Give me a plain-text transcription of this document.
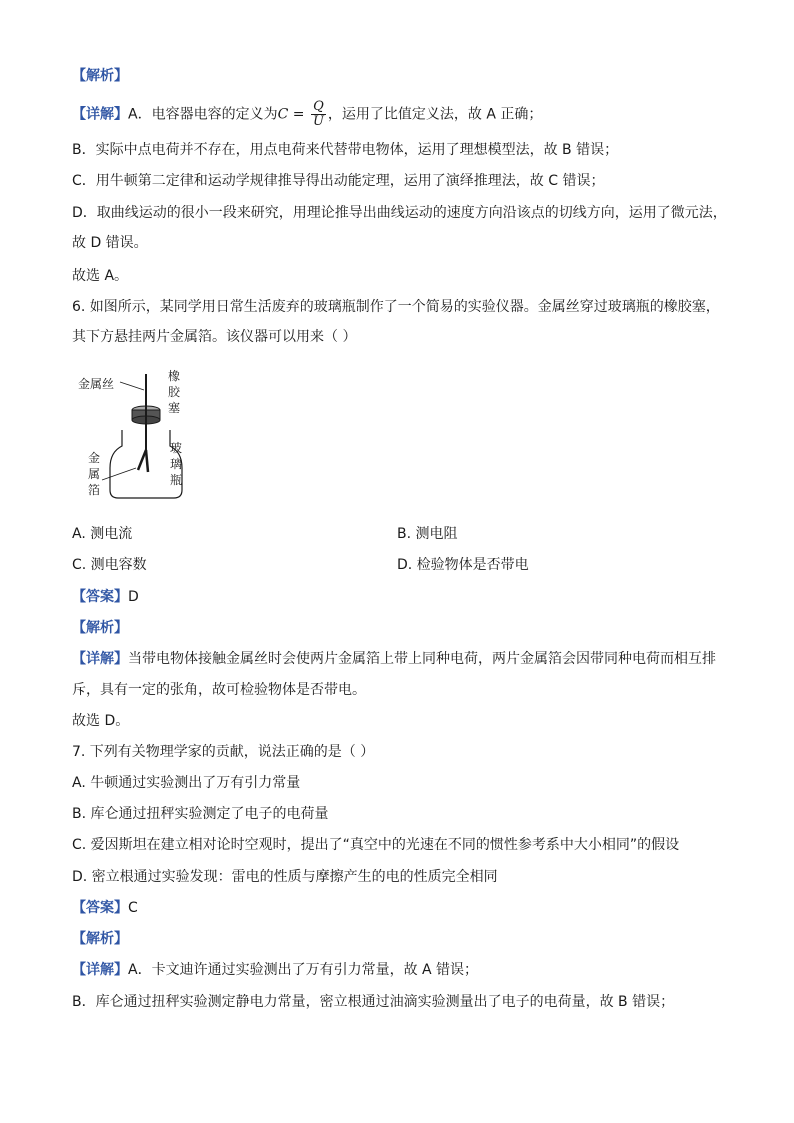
【解析】
【详解】A．电容器电容的定义为$C = \frac{Q}{U}$ ，运用了比值定义法，故 A 正确；
B．实际中点电荷并不存在，用点电荷来代替带电物体，运用了理想模型法，故 B 错误；
C．用牛顿第二定律和运动学规律推导得出动能定理，运用了演绎推理法，故 C 错误；
D．取曲线运动的很小一段来研究，用理论推导出曲线运动的速度方向沿该点的切线方向，运用了微元法，
故 D 错误。
故选 A。
6. 如图所示，某同学用日常生活废弃的玻璃瓶制作了一个简易的实验仪器。金属丝穿过玻璃瓶的橡胶塞，
其下方悬挂两片金属箔。该仪器可以用来（ ）
金属丝
橡
胶
塞
金
属
箔
玻
璃
瓶
A. 测电流	B. 测电阻
C. 测电容数	D. 检验物体是否带电
【答案】D
【解析】
【详解】当带电物体接触金属丝时会使两片金属箔上带上同种电荷，两片金属箔会因带同种电荷而相互排
斥，具有一定的张角，故可检验物体是否带电。
故选 D。
7. 下列有关物理学家的贡献，说法正确的是（ ）
A. 牛顿通过实验测出了万有引力常量
B. 库仑通过扭秤实验测定了电子的电荷量
C. 爱因斯坦在建立相对论时空观时，提出了“真空中的光速在不同的惯性参考系中大小相同”的假设
D. 密立根通过实验发现：雷电的性质与摩擦产生的电的性质完全相同
【答案】C
【解析】
【详解】A．卡文迪许通过实验测出了万有引力常量，故 A 错误；
B．库仑通过扭秤实验测定静电力常量，密立根通过油滴实验测量出了电子的电荷量，故 B 错误；
